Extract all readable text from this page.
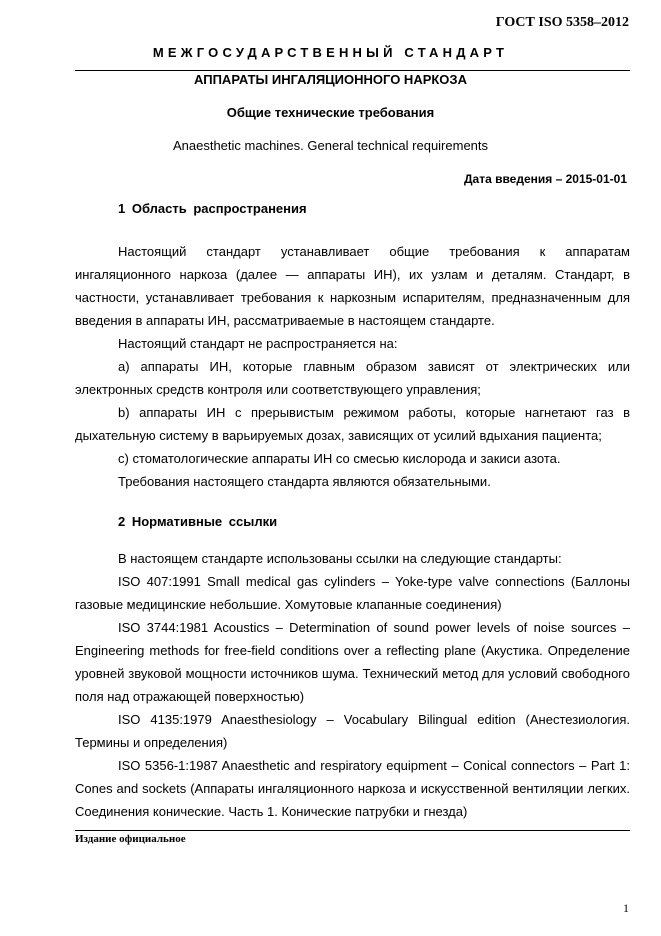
ГОСТ ISO 5358–2012
МЕЖГОСУДАРСТВЕННЫЙ СТАНДАРТ
АППАРАТЫ ИНГАЛЯЦИОННОГО НАРКОЗА
Общие технические требования
Anaesthetic machines. General technical requirements
Дата введения – 2015-01-01
1 Область распространения

Настоящий стандарт устанавливает общие требования к аппаратам ингаляционного наркоза (далее — аппараты ИН), их узлам и деталям. Стандарт, в частности, устанавливает требования к наркозным испарителям, предназначенным для введения в аппараты ИН, рассматриваемые в настоящем стандарте.

Настоящий стандарт не распространяется на:

a) аппараты ИН, которые главным образом зависят от электрических или электронных средств контроля или соответствующего управления;

b) аппараты ИН с прерывистым режимом работы, которые нагнетают газ в дыхательную систему в варьируемых дозах, зависящих от усилий вдыхания пациента;

c) стоматологические аппараты ИН со смесью кислорода и закиси азота.

Требования настоящего стандарта являются обязательными.

2 Нормативные ссылки

В настоящем стандарте использованы ссылки на следующие стандарты:

ISO 407:1991 Small medical gas cylinders – Yoke-type valve connections (Баллоны газовые медицинские небольшие. Хомутовые клапанные соединения)

ISO 3744:1981 Acoustics – Determination of sound power levels of noise sources – Engineering methods for free-field conditions over a reflecting plane (Акустика. Определение уровней звуковой мощности источников шума. Технический метод для условий свободного поля над отражающей поверхностью)

ISO 4135:1979 Anaesthesiology – Vocabulary Bilingual edition (Анестезиология. Термины и определения)

ISO 5356-1:1987 Anaesthetic and respiratory equipment – Conical connectors – Part 1: Cones and sockets (Аппараты ингаляционного наркоза и искусственной вентиляции легких. Соединения конические. Часть 1. Конические патрубки и гнезда)

Издание официальное
1
